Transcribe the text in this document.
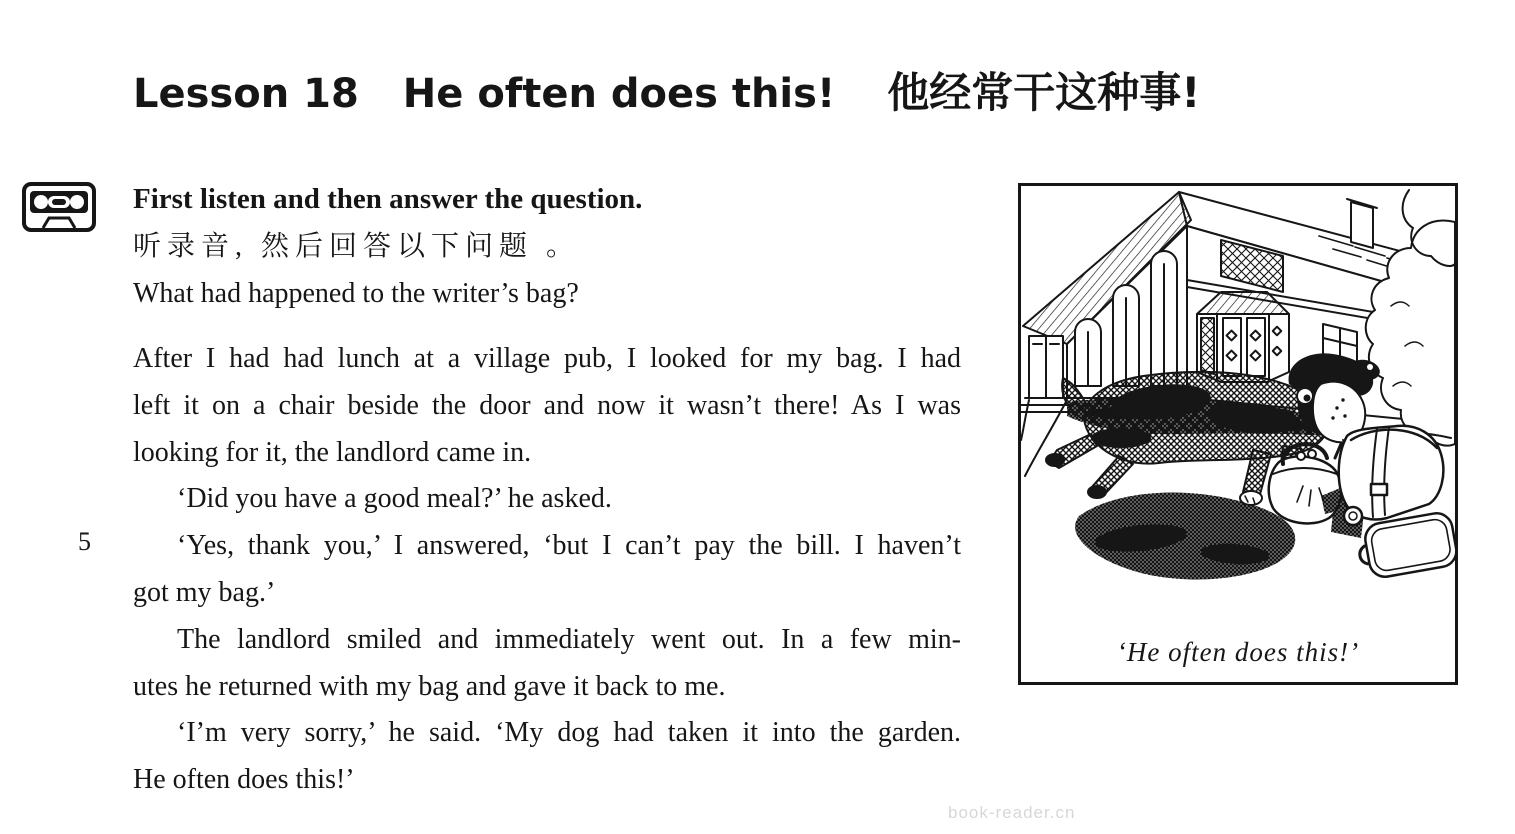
Lesson 18 He often does this! 他经常干这种事!
First listen and then answer the question.
听录音, 然后回答以下问题 。
What had happened to the writer’s bag?
5
After I had had lunch at a village pub, I looked for my bag. I had
left it on a chair beside the door and now it wasn’t there! As I was
looking for it, the landlord came in.
‘Did you have a good meal?’ he asked.
‘Yes, thank you,’ I answered, ‘but I can’t pay the bill. I haven’t
got my bag.’
The landlord smiled and immediately went out. In a few min-
utes he returned with my bag and gave it back to me.
‘I’m very sorry,’ he said. ‘My dog had taken it into the garden.
He often does this!’
‘He often does this!’
book-reader.cn
